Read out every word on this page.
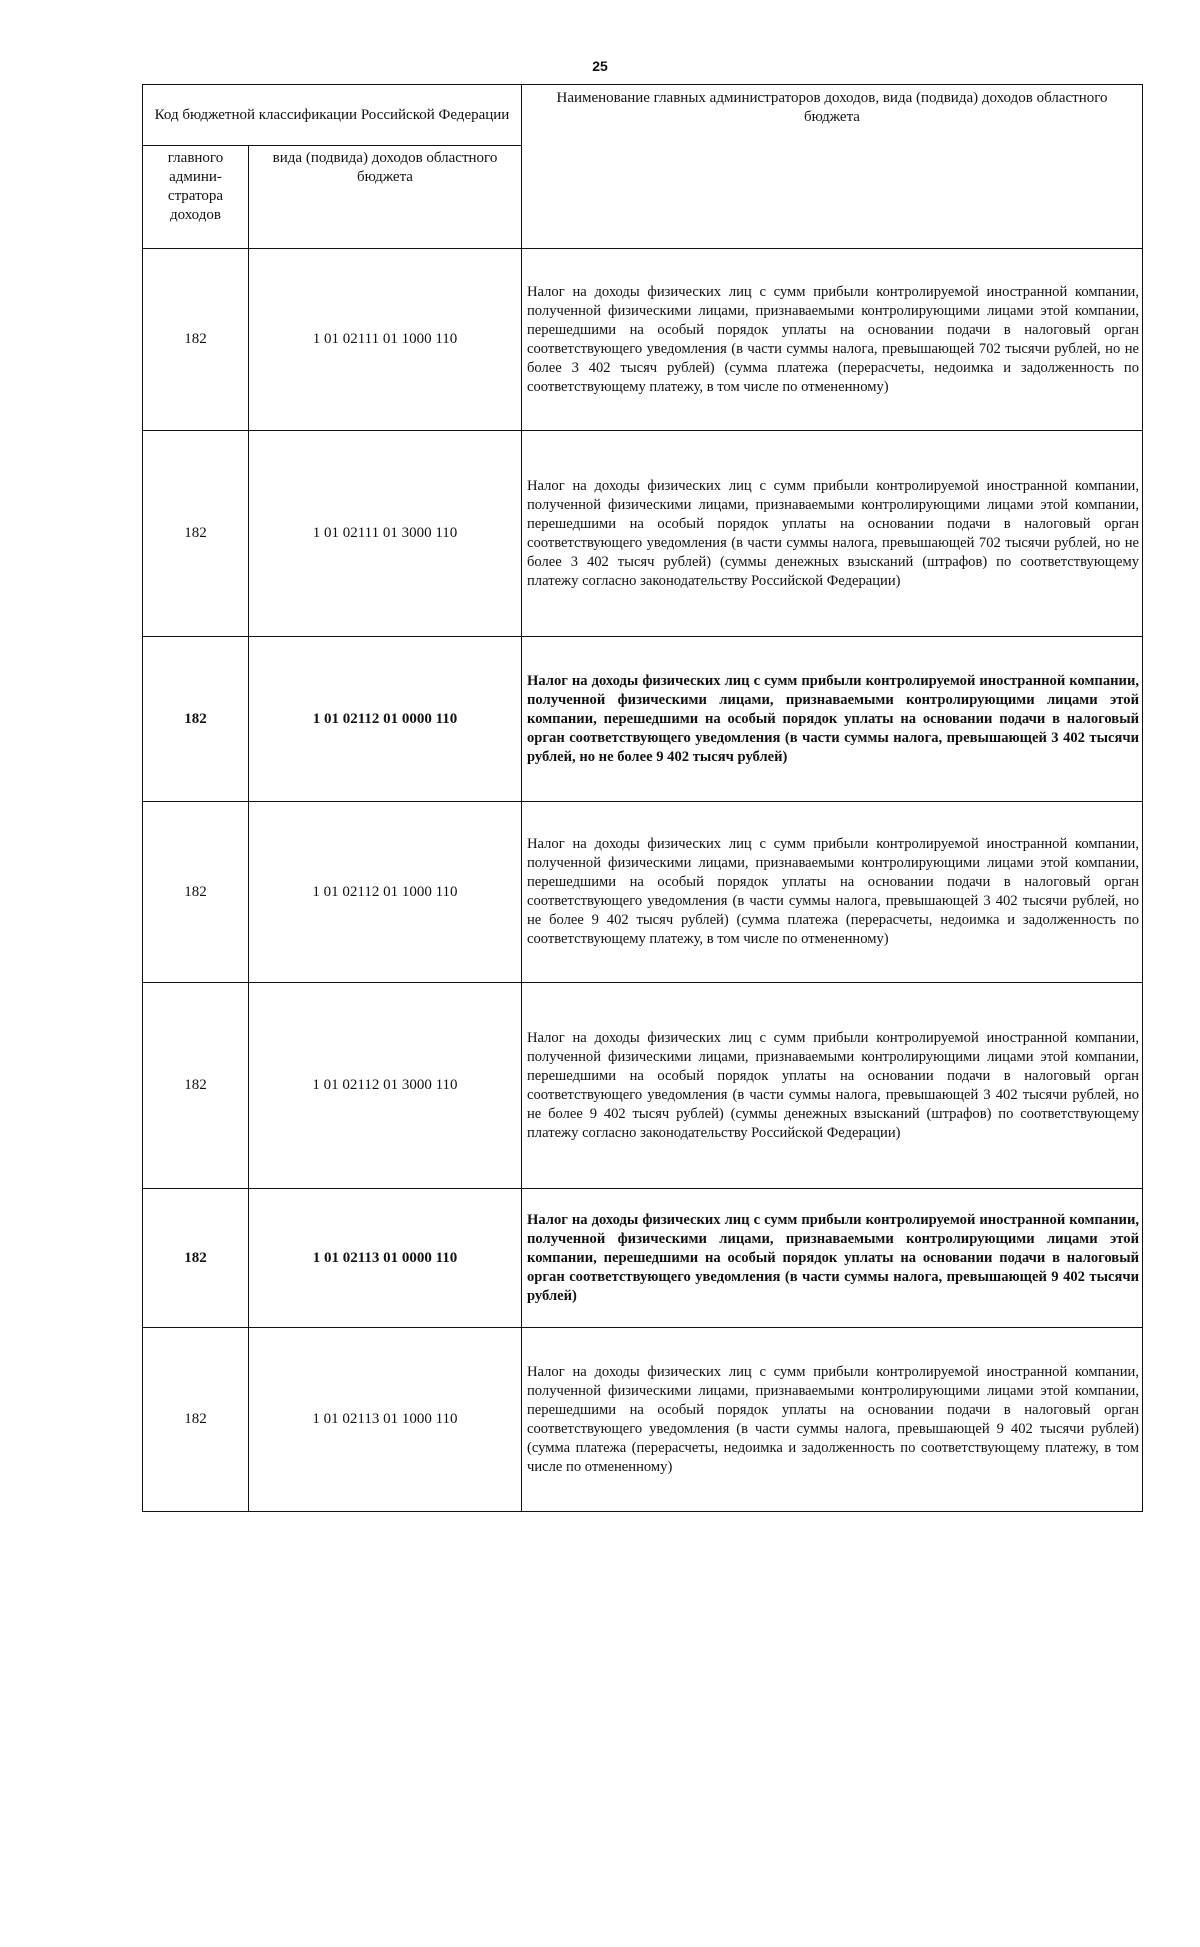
25
Код бюджетной классификации Российской Федерации		Наименование главных администраторов доходов, вида (подвида) доходов областного бюджета
главного админи-стратора доходов	вида (подвида) доходов областного бюджета	
182	1 01 02111 01 1000 110	Налог на доходы физических лиц с сумм прибыли контролируемой иностранной компании, полученной физическими лицами, признаваемыми контролирующими лицами этой компании, перешедшими на особый порядок уплаты на основании подачи в налоговый орган соответствующего уведомления (в части суммы налога, превышающей 702 тысячи рублей, но не более 3 402 тысяч рублей) (сумма платежа (перерасчеты, недоимка и задолженность по соответствующему платежу, в том числе по отмененному)
182	1 01 02111 01 3000 110	Налог на доходы физических лиц с сумм прибыли контролируемой иностранной компании, полученной физическими лицами, признаваемыми контролирующими лицами этой компании, перешедшими на особый порядок уплаты на основании подачи в налоговый орган соответствующего уведомления (в части суммы налога, превышающей 702 тысячи рублей, но не более 3 402 тысяч рублей) (суммы денежных взысканий (штрафов) по соответствующему платежу согласно законодательству Российской Федерации)
182	1 01 02112 01 0000 110	Налог на доходы физических лиц с сумм прибыли контролируемой иностранной компании, полученной физическими лицами, признаваемыми контролирующими лицами этой компании, перешедшими на особый порядок уплаты на основании подачи в налоговый орган соответствующего уведомления (в части суммы налога, превышающей 3 402 тысячи рублей, но не более 9 402 тысяч рублей)
182	1 01 02112 01 1000 110	Налог на доходы физических лиц с сумм прибыли контролируемой иностранной компании, полученной физическими лицами, признаваемыми контролирующими лицами этой компании, перешедшими на особый порядок уплаты на основании подачи в налоговый орган соответствующего уведомления (в части суммы налога, превышающей 3 402 тысячи рублей, но не более 9 402 тысяч рублей) (сумма платежа (перерасчеты, недоимка и задолженность по соответствующему платежу, в том числе по отмененному)
182	1 01 02112 01 3000 110	Налог на доходы физических лиц с сумм прибыли контролируемой иностранной компании, полученной физическими лицами, признаваемыми контролирующими лицами этой компании, перешедшими на особый порядок уплаты на основании подачи в налоговый орган соответствующего уведомления (в части суммы налога, превышающей 3 402 тысячи рублей, но не более 9 402 тысяч рублей) (суммы денежных взысканий (штрафов) по соответствующему платежу согласно законодательству Российской Федерации)
182	1 01 02113 01 0000 110	Налог на доходы физических лиц с сумм прибыли контролируемой иностранной компании, полученной физическими лицами, признаваемыми контролирующими лицами этой компании, перешедшими на особый порядок уплаты на основании подачи в налоговый орган соответствующего уведомления (в части суммы налога, превышающей 9 402 тысячи рублей)
182	1 01 02113 01 1000 110	Налог на доходы физических лиц с сумм прибыли контролируемой иностранной компании, полученной физическими лицами, признаваемыми контролирующими лицами этой компании, перешедшими на особый порядок уплаты на основании подачи в налоговый орган соответствующего уведомления (в части суммы налога, превышающей 9 402 тысячи рублей) (сумма платежа (перерасчеты, недоимка и задолженность по соответствующему платежу, в том числе по отмененному)
